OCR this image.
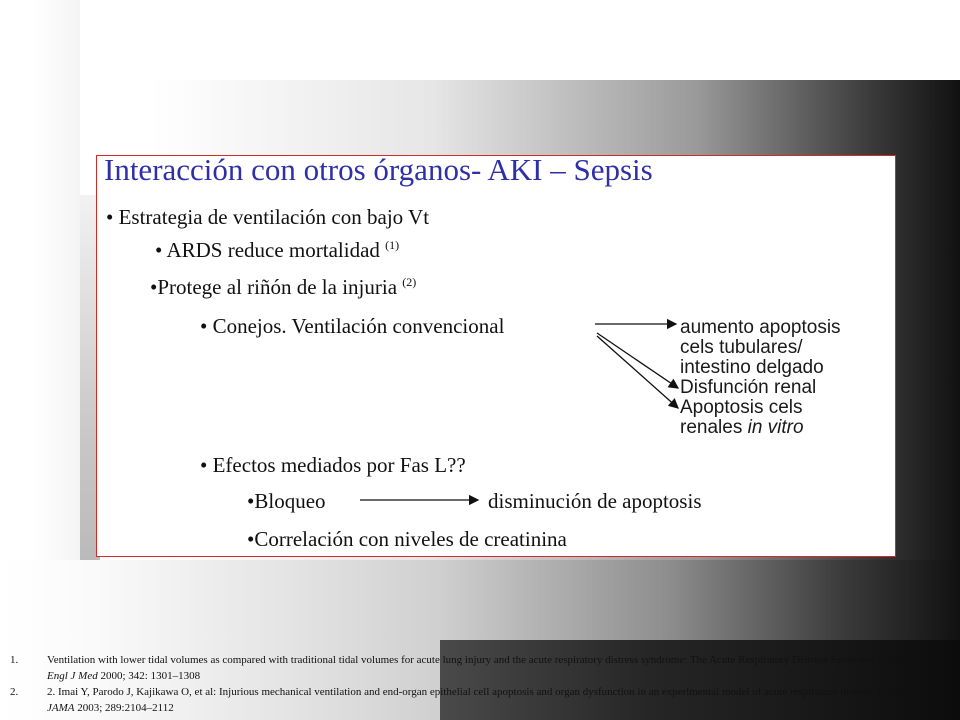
Interacción con otros órganos- AKI – Sepsis
• Estrategia de ventilación con bajo Vt
• ARDS reduce mortalidad $^{(1)}$
•Protege al riñón de la injuria $^{(2)}$
• Conejos. Ventilación convencional	aumento apoptosis
cels tubulares/
intestino delgado
Disfunción renal
Apoptosis cels
renales in vitro
• Efectos mediados por Fas L??
•Bloqueo	disminución de apoptosis
•Correlación con niveles de creatinina
1.	Ventilation with lower tidal volumes as compared with traditional tidal volumes for acute lung injury and the acute respiratory distress syndrome: The Acute Respiratory Distress Syndrome Network. N Engl J Med 2000; 342: 1301–1308
2.	2. Imai Y, Parodo J, Kajikawa O, et al: Injurious mechanical ventilation and end-organ epithelial cell apoptosis and organ dysfunction in an experimental model of acute respiratory distress syndrome. JAMA 2003; 289:2104–2112
